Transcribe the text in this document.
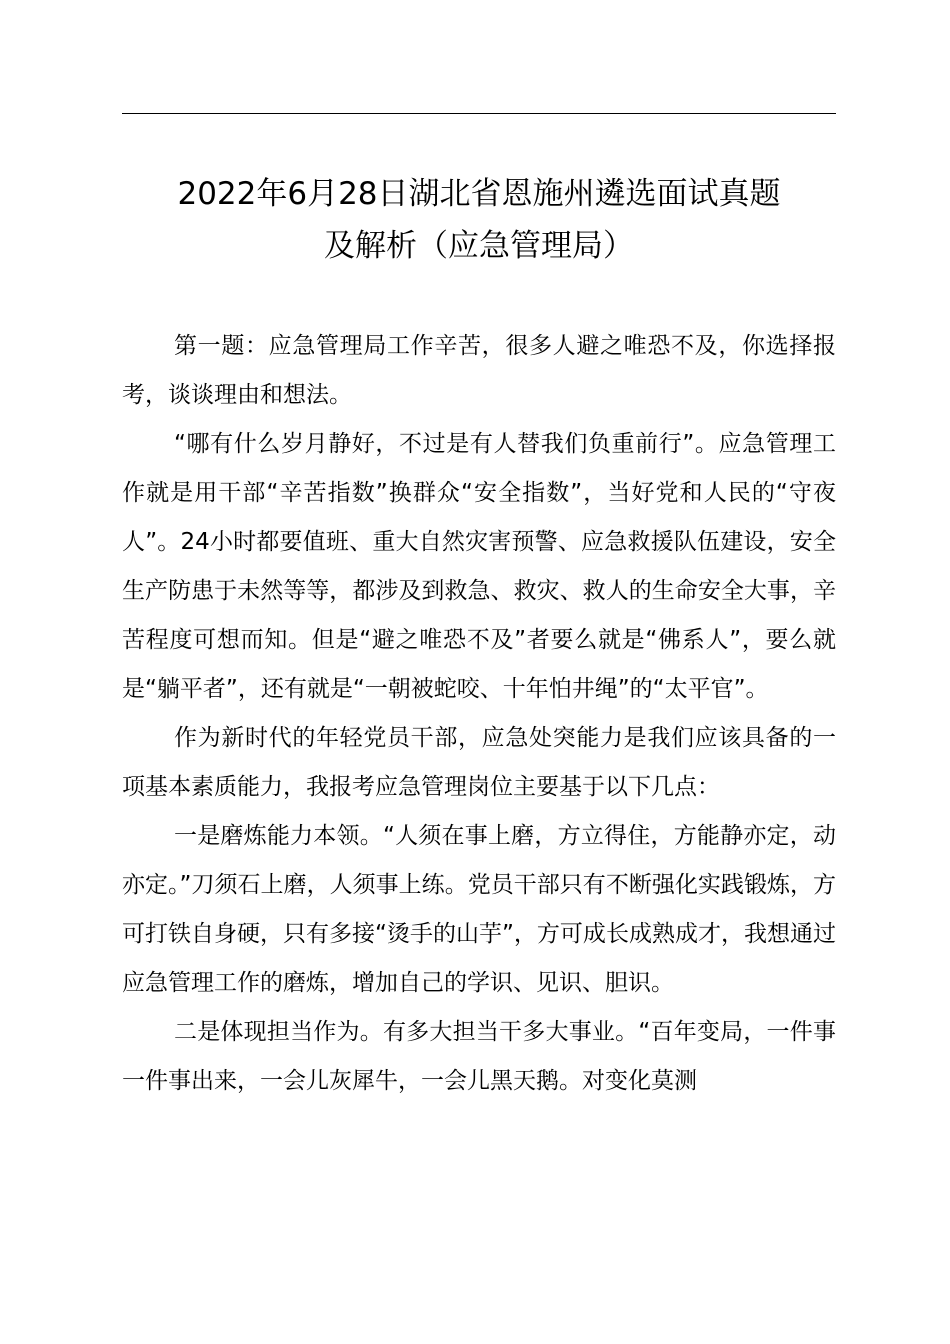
2022年6月28日湖北省恩施州遴选面试真题
及解析（应急管理局）

第一题：应急管理局工作辛苦，很多人避之唯恐不及，你选择报考，谈谈理由和想法。

“哪有什么岁月静好，不过是有人替我们负重前行”。应急管理工作就是用干部“辛苦指数”换群众“安全指数”，当好党和人民的“守夜人”。24小时都要值班、重大自然灾害预警、应急救援队伍建设，安全生产防患于未然等等，都涉及到救急、救灾、救人的生命安全大事，辛苦程度可想而知。但是“避之唯恐不及”者要么就是“佛系人”，要么就是“躺平者”，还有就是“一朝被蛇咬、十年怕井绳”的“太平官”。

作为新时代的年轻党员干部，应急处突能力是我们应该具备的一项基本素质能力，我报考应急管理岗位主要基于以下几点：

一是磨炼能力本领。“人须在事上磨，方立得住，方能静亦定，动亦定。”刀须石上磨，人须事上练。党员干部只有不断强化实践锻炼，方可打铁自身硬，只有多接“烫手的山芋”，方可成长成熟成才，我想通过应急管理工作的磨炼，增加自己的学识、见识、胆识。

二是体现担当作为。有多大担当干多大事业。“百年变局，一件事一件事出来，一会儿灰犀牛，一会儿黑天鹅。对变化莫测
